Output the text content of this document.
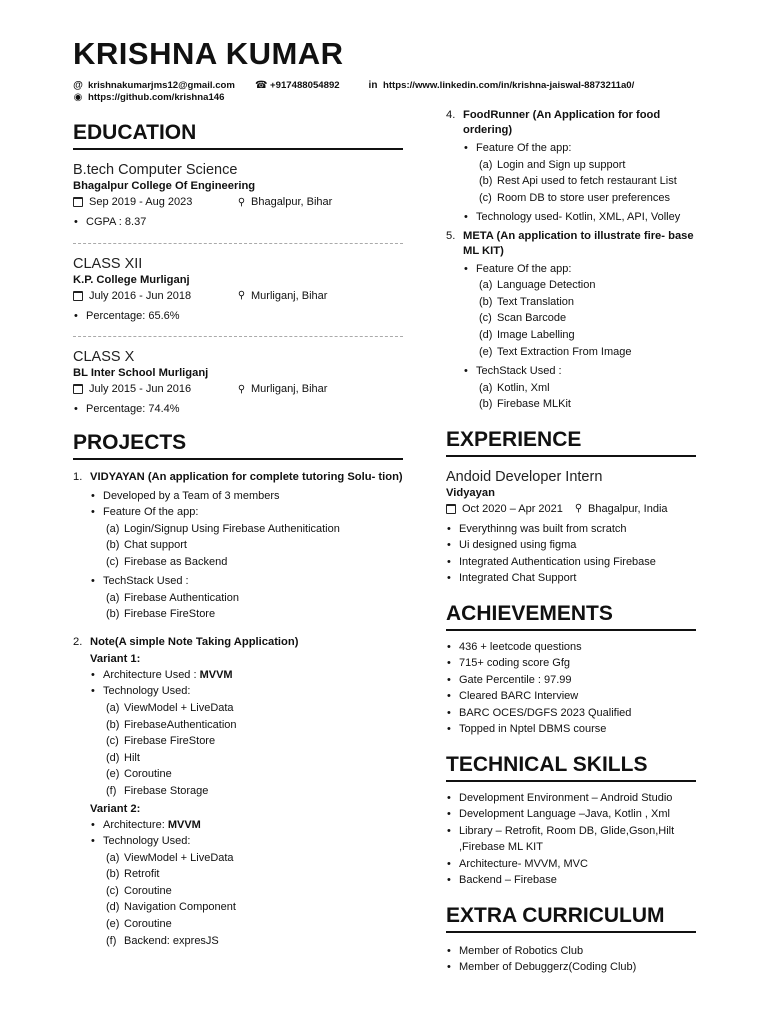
KRISHNA KUMAR
@ krishnakumarjms12@gmail.com ☎ +917488054892	in https://www.linkedin.com/in/krishna-jaiswal-8873211a0/
◉ https://github.com/krishna146
EDUCATION
B.tech Computer Science
Bhagalpur College Of Engineering
Sep 2019 - Aug 2023	⚲ Bhagalpur, Bihar
• CGPA : 8.37
CLASS XII
K.P. College Murliganj
July 2016 - Jun 2018	⚲ Murliganj, Bihar
• Percentage: 65.6%
CLASS X
BL Inter School Murliganj
July 2015 - Jun 2016	⚲ Murliganj, Bihar
• Percentage: 74.4%
PROJECTS
1. VIDYAYAN (An application for complete tutoring Solu- tion)
• Developed by a Team of 3 members
• Feature Of the app:
(a) Login/Signup Using Firebase Authenitication
(b) Chat support
(c) Firebase as Backend
• TechStack Used :
(a) Firebase Authentication
(b) Firebase FireStore
2. Note(A simple Note Taking Application)
Variant 1:
• Architecture Used : MVVM
• Technology Used:
(a) ViewModel + LiveData
(b) FirebaseAuthentication
(c) Firebase FireStore
(d) Hilt
(e) Coroutine
(f) Firebase Storage
Variant 2:
• Architecture: MVVM
• Technology Used:
(a) ViewModel + LiveData
(b) Retrofit
(c) Coroutine
(d) Navigation Component
(e) Coroutine
(f) Backend: expresJS
4. FoodRunner (An Application for food ordering)
• Feature Of the app:
(a) Login and Sign up support
(b) Rest Api used to fetch restaurant List
(c) Room DB to store user preferences
• Technology used- Kotlin, XML, API, Volley
5. META (An application to illustrate fire- base ML KIT)
• Feature Of the app:
(a) Language Detection
(b) Text Translation
(c) Scan Barcode
(d) Image Labelling
(e) Text Extraction From Image
• TechStack Used :
(a) Kotlin, Xml
(b) Firebase MLKit
EXPERIENCE
Andoid Developer Intern
Vidyayan
Oct 2020 – Apr 2021 ⚲ Bhagalpur, India
• Everythinng was built from scratch
• Ui designed using figma
• Integrated Authentication using Firebase
• Integrated Chat Support
ACHIEVEMENTS
• 436 + leetcode questions
• 715+ coding score Gfg
• Gate Percentile : 97.99
• Cleared BARC Interview
• BARC OCES/DGFS 2023 Qualified
• Topped in Nptel DBMS course
TECHNICAL SKILLS
• Development Environment – Android Studio
• Development Language –Java, Kotlin , Xml
• Library – Retrofit, Room DB, Glide,Gson,Hilt ,Firebase ML KIT
• Architecture- MVVM, MVC
• Backend – Firebase
EXTRA CURRICULUM
• Member of Robotics Club
• Member of Debuggerz(Coding Club)
